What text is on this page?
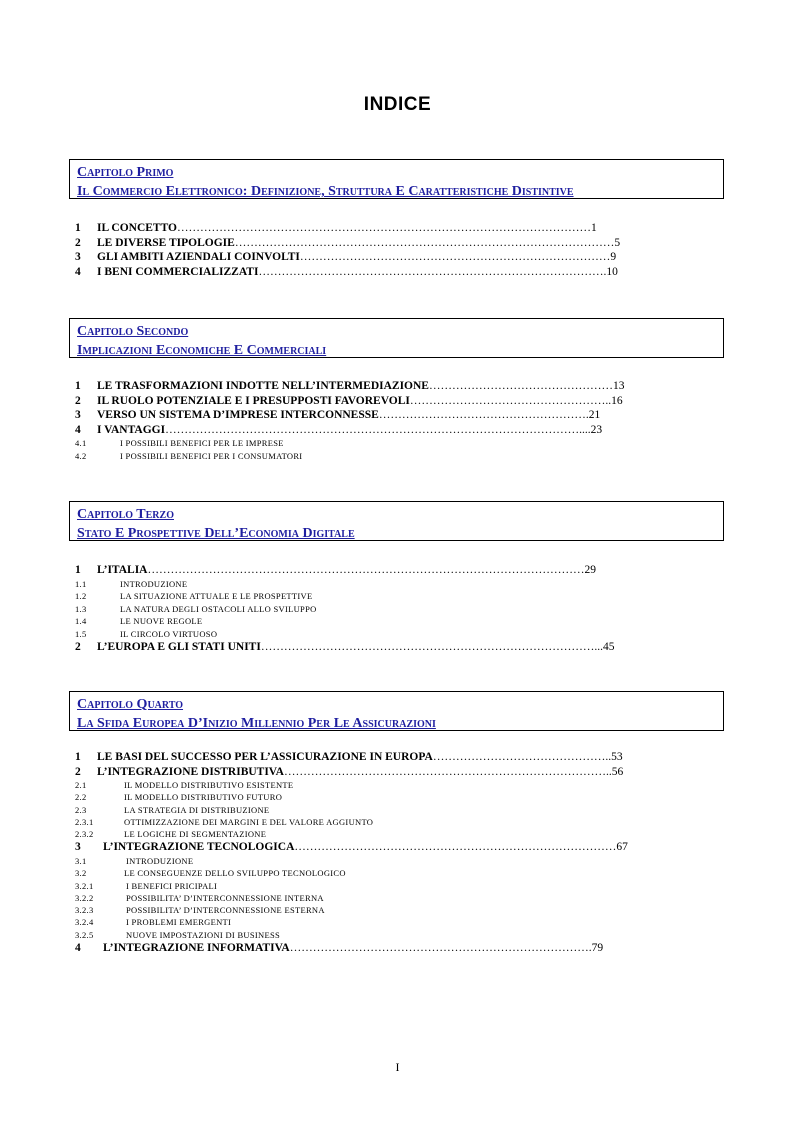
INDICE
Capitolo Primo
Il Commercio Elettronico: Definizione, Struttura E Caratteristiche Distintive
1 IL CONCETTO………………………………………………………………………………………………1
2 LE DIVERSE TIPOLOGIE………………………………………………………………………………………5
3 GLI AMBITI AZIENDALI COINVOLTI………………………………………………………………………9
4 I BENI COMMERCIALIZZATI……………………………………………………………………………….10
Capitolo Secondo
Implicazioni Economiche E Commerciali
1 LE TRASFORMAZIONI INDOTTE NELL’INTERMEDIAZIONE…………………………………………13
2 IL RUOLO POTENZIALE E I PRESUPPOSTI FAVOREVOLI……………………………………………..16
3 VERSO UN SISTEMA D’IMPRESE INTERCONNESSE……………………………………………….21
4 I VANTAGGI………………………………………………………………………………………………....23
4.1	I POSSIBILI BENEFICI PER LE IMPRESE
4.2	I POSSIBILI BENEFICI PER I CONSUMATORI
Capitolo Terzo
Stato E Prospettive Dell’Economia Digitale
1 L’ITALIA……………………………………………………………………………………………………29
1.1	INTRODUZIONE
1.2	LA SITUAZIONE ATTUALE E LE PROSPETTIVE
1.3	LA NATURA DEGLI OSTACOLI ALLO SVILUPPO
1.4	LE NUOVE REGOLE
1.5	IL CIRCOLO VIRTUOSO
2 L’EUROPA E GLI STATI UNITI……………………………………………………………………………...45
Capitolo Quarto
La Sfida Europea D’Inizio Millennio Per Le Assicurazioni
1 LE BASI DEL SUCCESSO PER L’ASSICURAZIONE IN EUROPA………………………………………..53
2 L’INTEGRAZIONE DISTRIBUTIVA…………………………………………………………………………..56
2.1	IL MODELLO DISTRIBUTIVO ESISTENTE
2.2	IL MODELLO DISTRIBUTIVO FUTURO
2.3	LA STRATEGIA DI DISTRIBUZIONE
2.3.1	OTTIMIZZAZIONE DEI MARGINI E DEL VALORE AGGIUNTO
2.3.2	LE LOGICHE DI SEGMENTAZIONE
3 L’INTEGRAZIONE TECNOLOGICA…………………………………………………………………………67
3.1	INTRODUZIONE
3.2	LE CONSEGUENZE DELLO SVILUPPO TECNOLOGICO
3.2.1	I BENEFICI PRICIPALI
3.2.2	POSSIBILITA’ D’INTERCONNESSIONE INTERNA
3.2.3	POSSIBILITA’ D’INTERCONNESSIONE ESTERNA
3.2.4	I PROBLEMI EMERGENTI
3.2.5	NUOVE IMPOSTAZIONI DI BUSINESS
4 L’INTEGRAZIONE INFORMATIVA…………………………………………………………………….79
I
